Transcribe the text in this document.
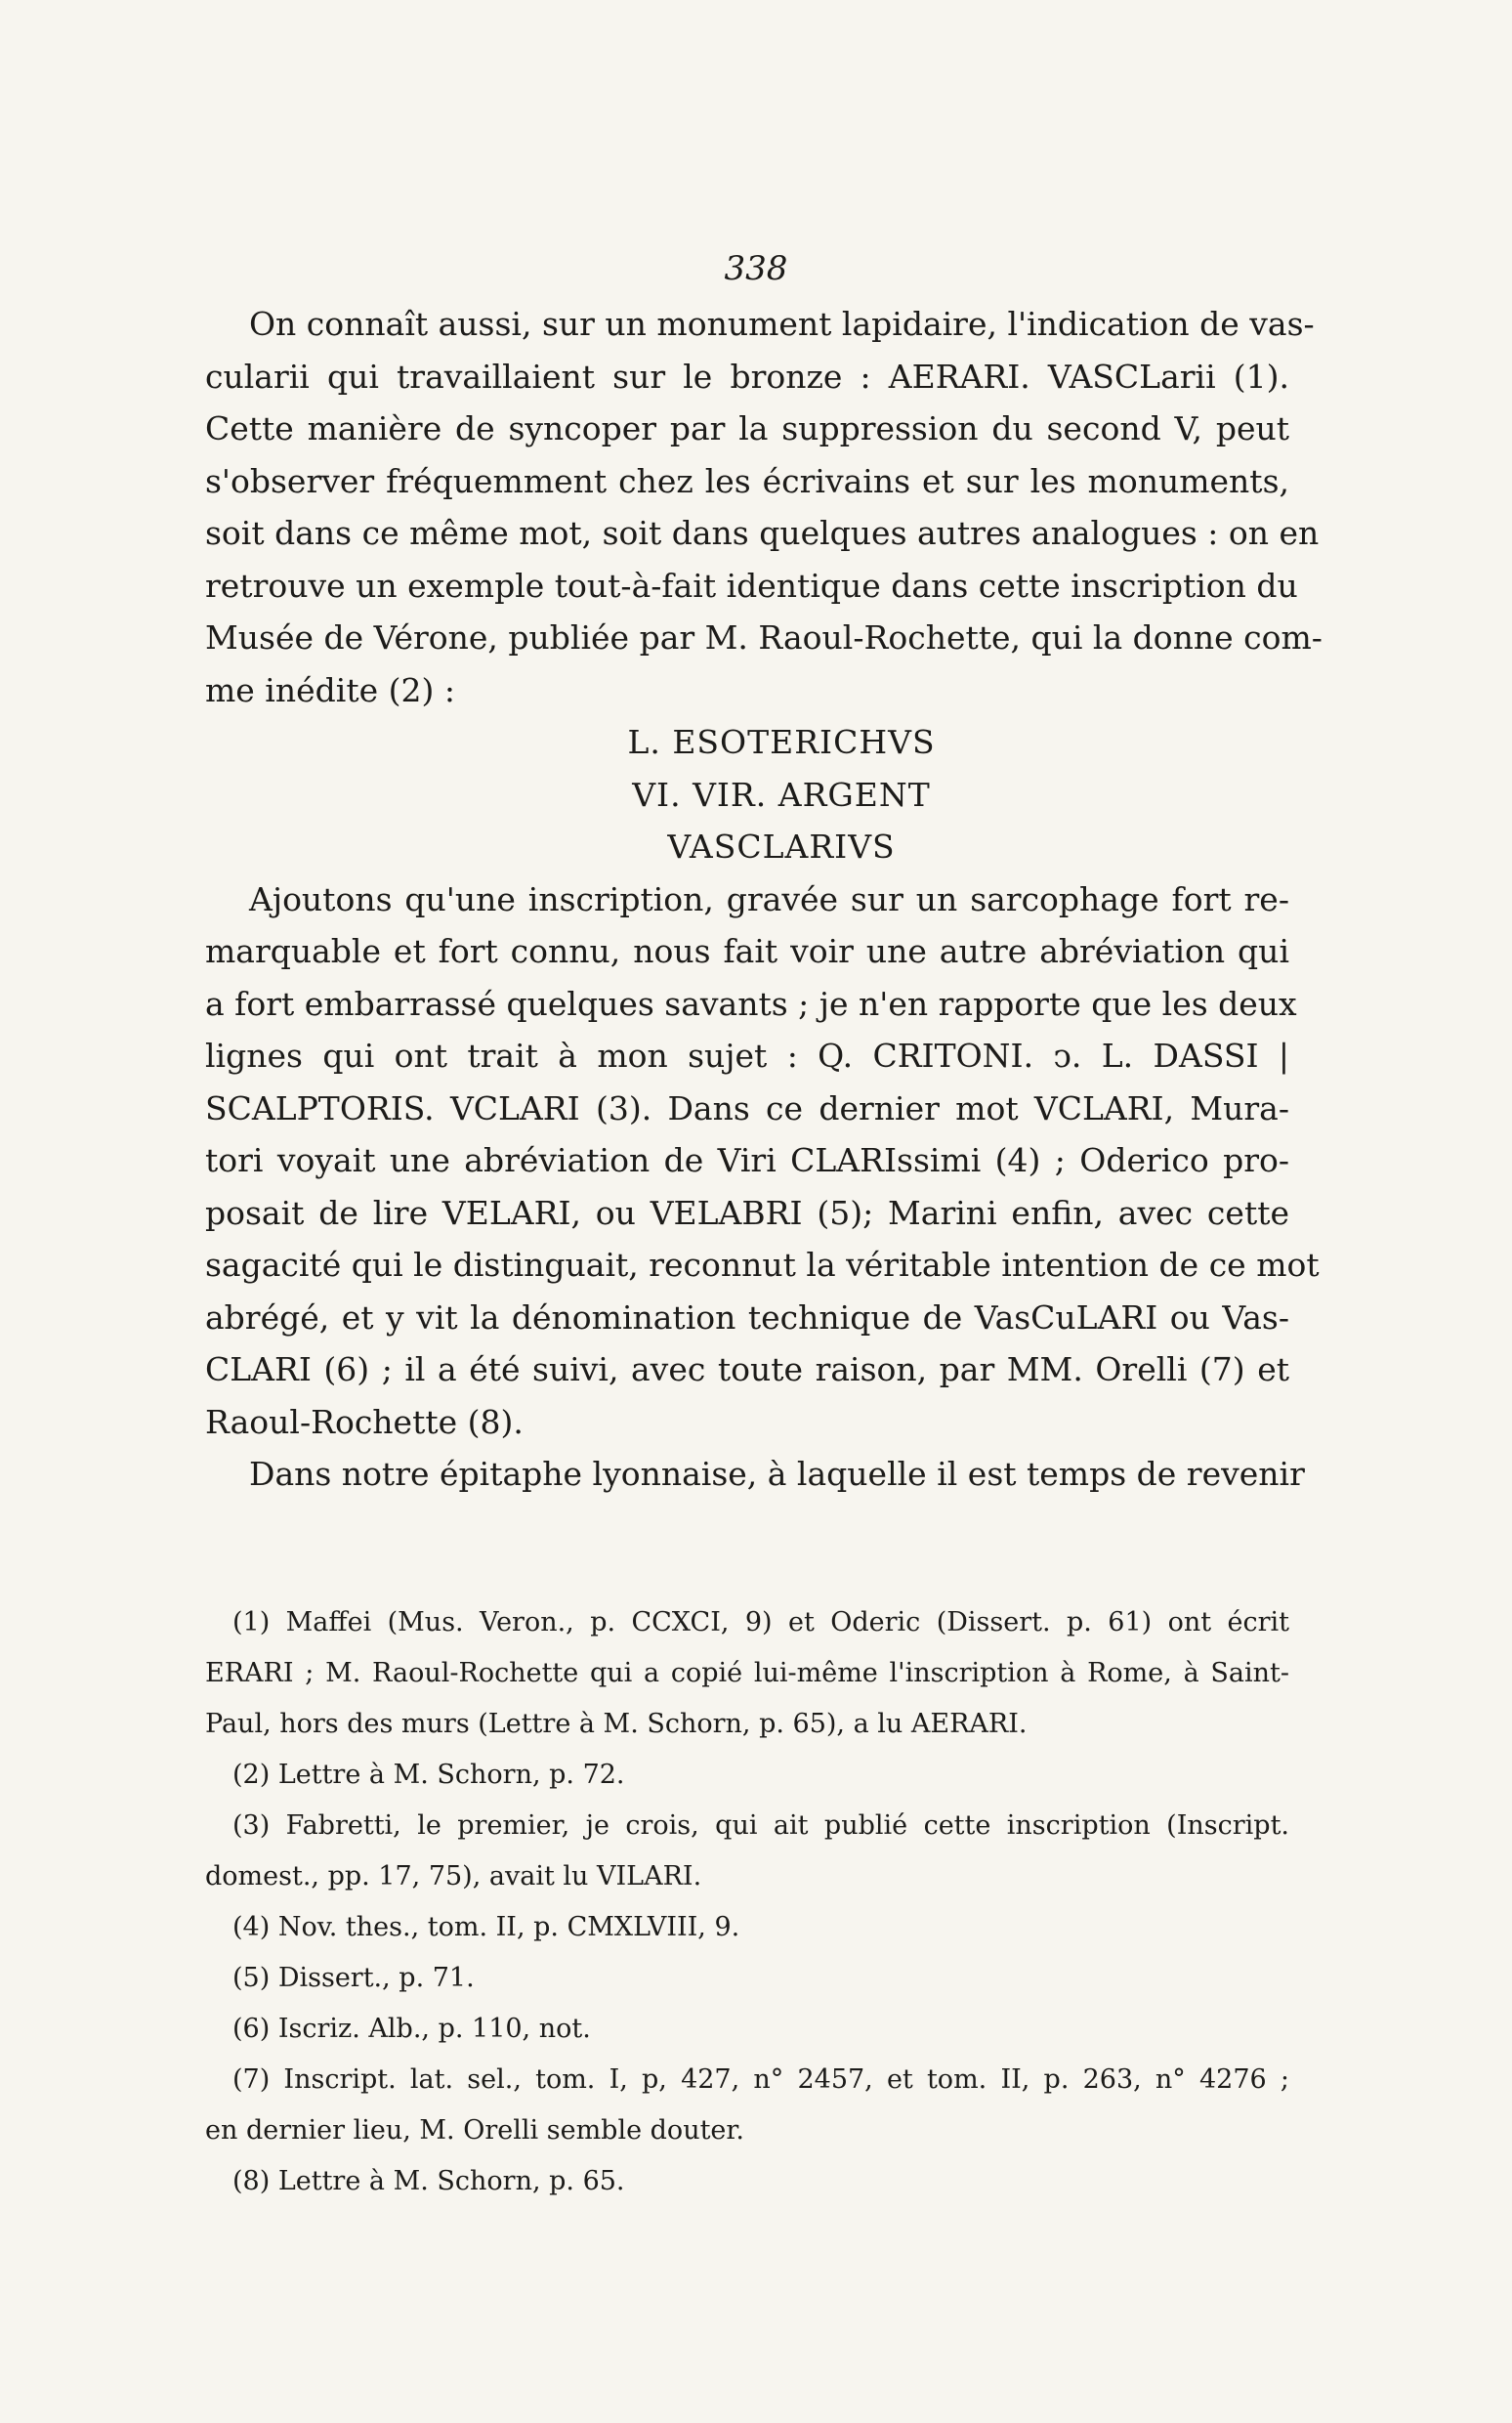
338
On connaît aussi, sur un monument lapidaire, l'indication de vas-
cularii qui travaillaient sur le bronze : AERARI. VASCLarii (1).
Cette manière de syncoper par la suppression du second V, peut
s'observer fréquemment chez les écrivains et sur les monuments,
soit dans ce même mot, soit dans quelques autres analogues : on en
retrouve un exemple tout-à-fait identique dans cette inscription du
Musée de Vérone, publiée par M. Raoul-Rochette, qui la donne com-
me inédite (2) :
L. ESOTERICHVS
VI. VIR. ARGENT
VASCLARIVS
Ajoutons qu'une inscription, gravée sur un sarcophage fort re-
marquable et fort connu, nous fait voir une autre abréviation qui
a fort embarrassé quelques savants ; je n'en rapporte que les deux
lignes qui ont trait à mon sujet : Q. CRITONI. ↄ. L. DASSI |
SCALPTORIS. VCLARI (3). Dans ce dernier mot VCLARI, Mura-
tori voyait une abréviation de Viri CLARIssimi (4) ; Oderico pro-
posait de lire VELARI, ou VELABRI (5); Marini enfin, avec cette
sagacité qui le distinguait, reconnut la véritable intention de ce mot
abrégé, et y vit la dénomination technique de VasCuLARI ou Vas-
CLARI (6) ; il a été suivi, avec toute raison, par MM. Orelli (7) et
Raoul-Rochette (8).
Dans notre épitaphe lyonnaise, à laquelle il est temps de revenir
(1) Maffei (Mus. Veron., p. CCXCI, 9) et Oderic (Dissert. p. 61) ont écrit
ERARI ; M. Raoul-Rochette qui a copié lui-même l'inscription à Rome, à Saint-
Paul, hors des murs (Lettre à M. Schorn, p. 65), a lu AERARI.
(2) Lettre à M. Schorn, p. 72.
(3) Fabretti, le premier, je crois, qui ait publié cette inscription (Inscript.
domest., pp. 17, 75), avait lu VILARI.
(4) Nov. thes., tom. II, p. CMXLVIII, 9.
(5) Dissert., p. 71.
(6) Iscriz. Alb., p. 110, not.
(7) Inscript. lat. sel., tom. I, p, 427, n° 2457, et tom. II, p. 263, n° 4276 ;
en dernier lieu, M. Orelli semble douter.
(8) Lettre à M. Schorn, p. 65.
